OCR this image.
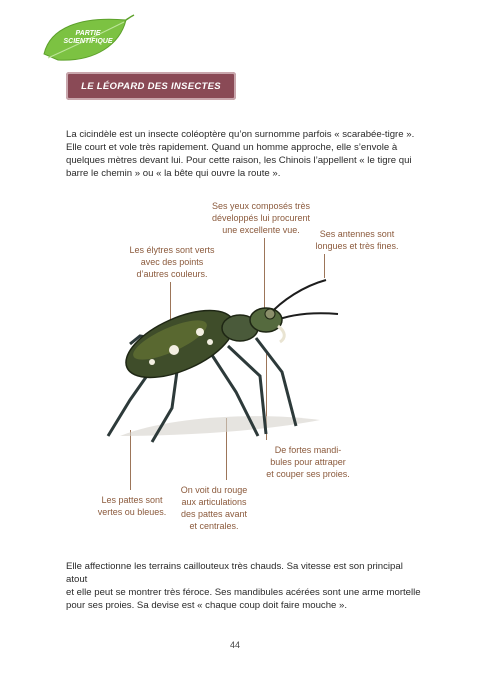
PARTIE
SCIENTIFIQUE
LE LÉOPARD DES INSECTES
La cicindèle est un insecte coléoptère qu’on surnomme parfois « scarabée-tigre ».
Elle court et vole très rapidement. Quand un homme approche, elle s’envole à
quelques mètres devant lui. Pour cette raison, les Chinois l’appellent « le tigre qui
barre le chemin » ou « la bête qui ouvre la route ».
Ses yeux composés très
développés lui procurent
une excellente vue.	Ses antennes sont
longues et très fines.
Les élytres sont verts
avec des points
d’autres couleurs.
De fortes mandi-
bules pour attraper
et couper ses proies.
Les pattes sont
vertes ou bleues.
On voit du rouge
aux articulations
des pattes avant
et centrales.
Elle affectionne les terrains caillouteux très chauds. Sa vitesse est son principal atout
et elle peut se montrer très féroce. Ses mandibules acérées sont une arme mortelle
pour ses proies. Sa devise est « chaque coup doit faire mouche ».
44
